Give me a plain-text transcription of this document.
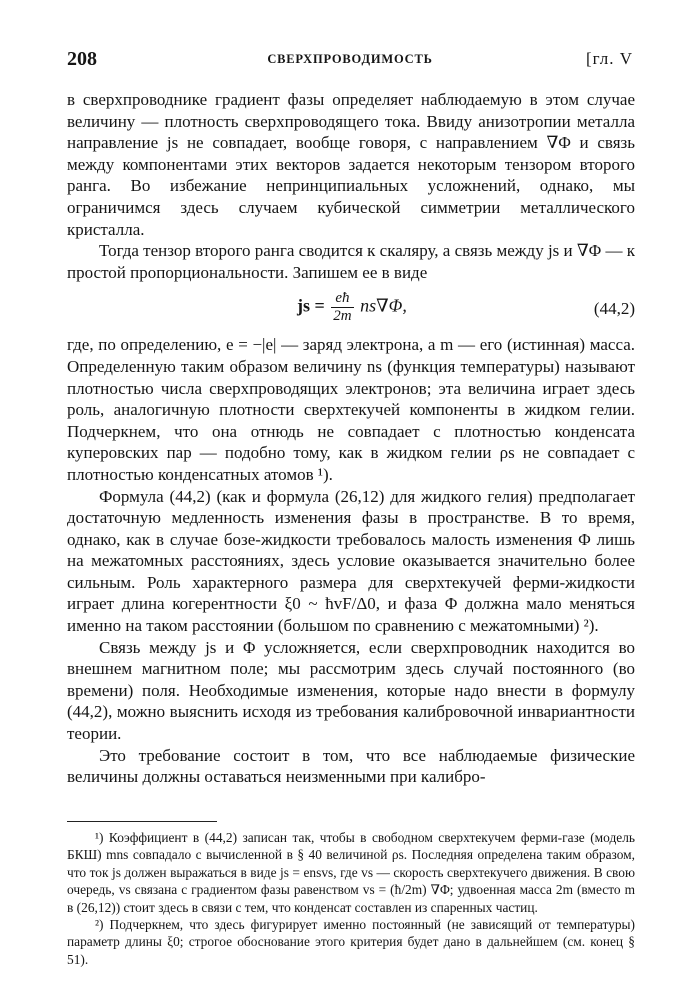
208	СВЕРХПРОВОДИМОСТЬ	[гл. V

в сверхпроводнике градиент фазы определяет наблюдаемую в этом случае величину — плотность сверхпроводящего тока. Ввиду анизотропии металла направление js не совпадает, вообще говоря, с направлением ∇Φ и связь между компонентами этих векторов задается некоторым тензором второго ранга. Во избежание непринципиальных усложнений, однако, мы ограничимся здесь случаем кубической симметрии металлического кристалла.

Тогда тензор второго ранга сводится к скаляру, а связь между js и ∇Φ — к простой пропорциональности. Запишем ее в виде

js = $\frac{eħ}{2m} ns\nabla\Phi$,	(44,2)

где, по определению, e = −|e| — заряд электрона, а m — его (истинная) масса. Определенную таким образом величину ns (функция температуры) называют плотностью числа сверхпроводящих электронов; эта величина играет здесь роль, аналогичную плотности сверхтекучей компоненты в жидком гелии. Подчеркнем, что она отнюдь не совпадает с плотностью конденсата куперовских пар — подобно тому, как в жидком гелии ρs не совпадает с плотностью конденсатных атомов ¹).

Формула (44,2) (как и формула (26,12) для жидкого гелия) предполагает достаточную медленность изменения фазы в пространстве. В то время, однако, как в случае бозе-жидкости требовалось малость изменения Φ лишь на межатомных расстояниях, здесь условие оказывается значительно более сильным. Роль характерного размера для сверхтекучей ферми-жидкости играет длина когерентности ξ0 ~ ħvF/Δ0, и фаза Φ должна мало меняться именно на таком расстоянии (большом по сравнению с межатомными) ²).

Связь между js и Φ усложняется, если сверхпроводник находится во внешнем магнитном поле; мы рассмотрим здесь случай постоянного (во времени) поля. Необходимые изменения, которые надо внести в формулу (44,2), можно выяснить исходя из требования калибровочной инвариантности теории.

Это требование состоит в том, что все наблюдаемые физические величины должны оставаться неизменными при калибро-

¹) Коэффициент в (44,2) записан так, чтобы в свободном сверхтекучем ферми-газе (модель БКШ) mns совпадало с вычисленной в § 40 величиной ρs. Последняя определена таким образом, что ток js должен выражаться в виде js = ensvs, где vs — скорость сверхтекучего движения. В свою очередь, vs связана с градиентом фазы равенством vs = (ħ/2m) ∇Φ; удвоенная масса 2m (вместо m в (26,12)) стоит здесь в связи с тем, что конденсат составлен из спаренных частиц.

²) Подчеркнем, что здесь фигурирует именно постоянный (не зависящий от температуры) параметр длины ξ0; строгое обоснование этого критерия будет дано в дальнейшем (см. конец § 51).
